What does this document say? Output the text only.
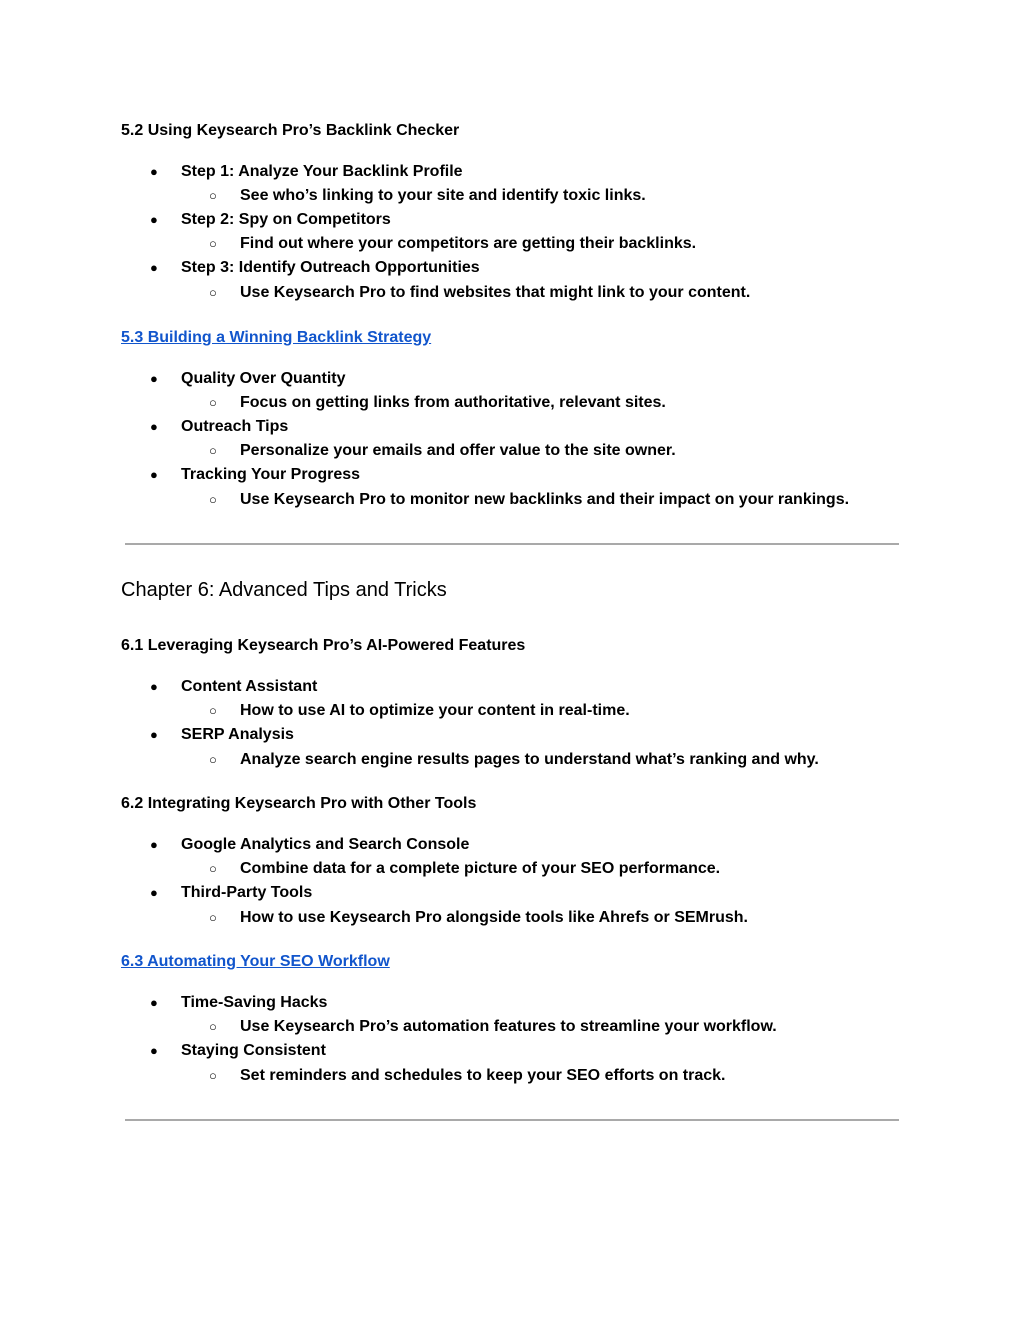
5.2 Using Keysearch Pro’s Backlink Checker
● Step 1: Analyze Your Backlink Profile
○ See who’s linking to your site and identify toxic links.
● Step 2: Spy on Competitors
○ Find out where your competitors are getting their backlinks.
● Step 3: Identify Outreach Opportunities
○ Use Keysearch Pro to find websites that might link to your content.
5.3 Building a Winning Backlink Strategy
● Quality Over Quantity
○ Focus on getting links from authoritative, relevant sites.
● Outreach Tips
○ Personalize your emails and offer value to the site owner.
● Tracking Your Progress
○ Use Keysearch Pro to monitor new backlinks and their impact on your rankings.
Chapter 6: Advanced Tips and Tricks
6.1 Leveraging Keysearch Pro’s AI-Powered Features
● Content Assistant
○ How to use AI to optimize your content in real-time.
● SERP Analysis
○ Analyze search engine results pages to understand what’s ranking and why.
6.2 Integrating Keysearch Pro with Other Tools
● Google Analytics and Search Console
○ Combine data for a complete picture of your SEO performance.
● Third-Party Tools
○ How to use Keysearch Pro alongside tools like Ahrefs or SEMrush.
6.3 Automating Your SEO Workflow
● Time-Saving Hacks
○ Use Keysearch Pro’s automation features to streamline your workflow.
● Staying Consistent
○ Set reminders and schedules to keep your SEO efforts on track.
